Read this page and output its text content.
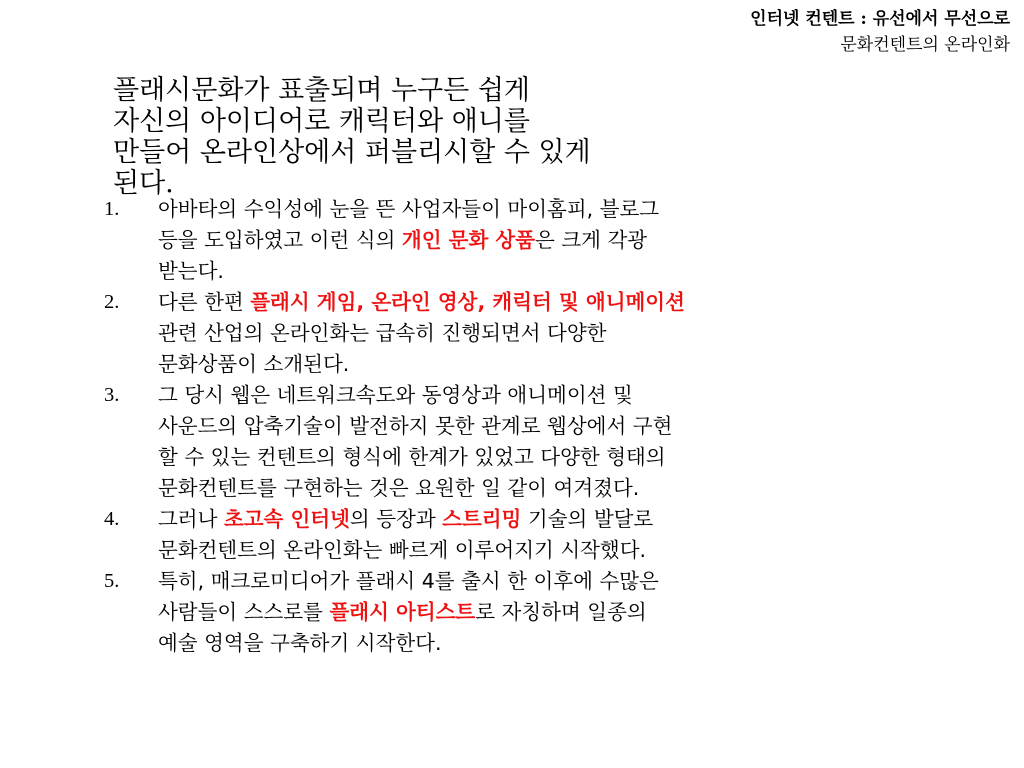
인터넷 컨텐트 : 유선에서 무선으로
문화컨텐트의 온라인화
플래시문화가 표출되며 누구든 쉽게
자신의 아이디어로 캐릭터와 애니를
만들어 온라인상에서 퍼블리시할 수 있게
된다.
1.	아바타의 수익성에 눈을 뜬 사업자들이 마이홈피, 블로그
등을 도입하였고 이런 식의 개인 문화 상품은 크게 각광
받는다.
2.	다른 한편 플래시 게임, 온라인 영상, 캐릭터 및 애니메이션
관련 산업의 온라인화는 급속히 진행되면서 다양한
문화상품이 소개된다.
3.	그 당시 웹은 네트워크속도와 동영상과 애니메이션 및
사운드의 압축기술이 발전하지 못한 관계로 웹상에서 구현
할 수 있는 컨텐트의 형식에 한계가 있었고 다양한 형태의
문화컨텐트를 구현하는 것은 요원한 일 같이 여겨졌다.
4.	그러나 초고속 인터넷의 등장과 스트리밍 기술의 발달로
문화컨텐트의 온라인화는 빠르게 이루어지기 시작했다.
5.	특히, 매크로미디어가 플래시 4를 출시 한 이후에 수많은
사람들이 스스로를 플래시 아티스트로 자칭하며 일종의
예술 영역을 구축하기 시작한다.
